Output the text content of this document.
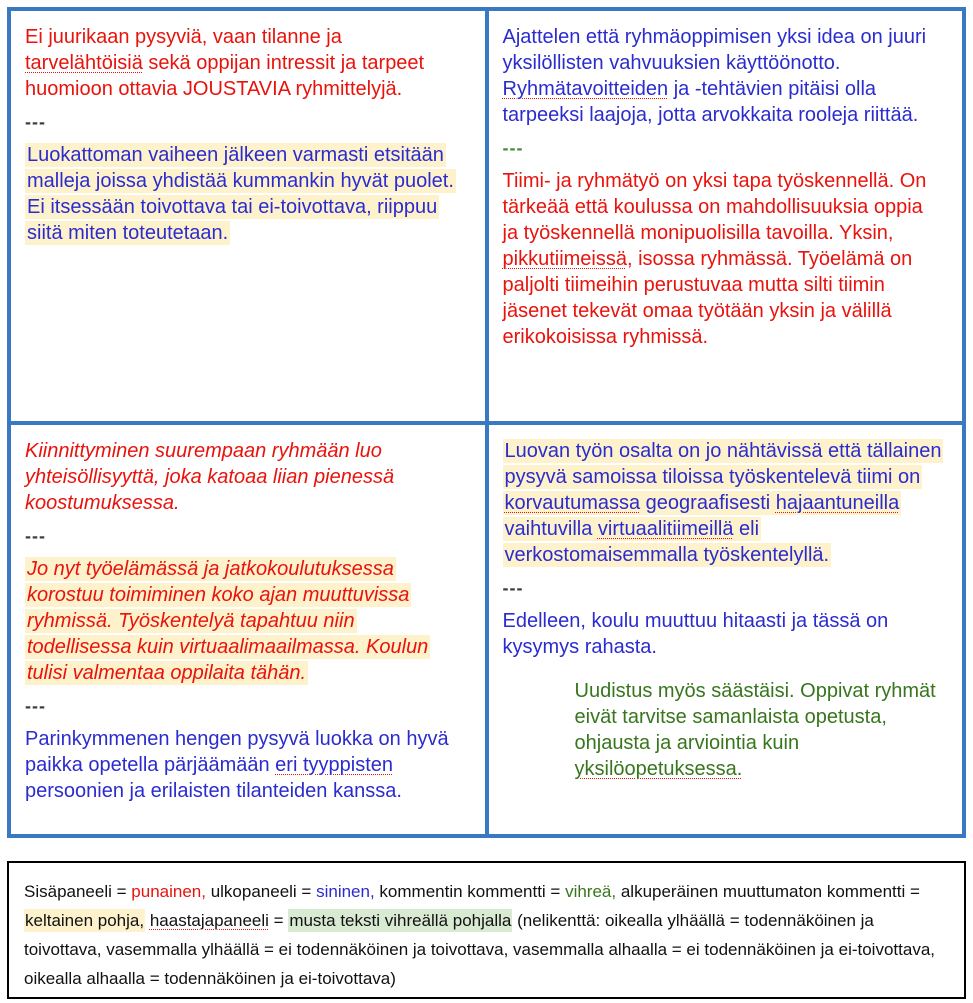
Ei juurikaan pysyviä, vaan tilanne ja tarvelähtöisiä sekä oppijan intressit ja tarpeet huomioon ottavia JOUSTAVIA ryhmittelyjä.

---

Luokattoman vaiheen jälkeen varmasti etsitään malleja joissa yhdistää kummankin hyvät puolet. Ei itsessään toivottava tai ei-toivottava, riippuu siitä miten toteutetaan.

Ajattelen että ryhmäoppimisen yksi idea on juuri yksilöllisten vahvuuksien käyttöönotto. Ryhmätavoitteiden ja -tehtävien pitäisi olla tarpeeksi laajoja, jotta arvokkaita rooleja riittää.

---

Tiimi- ja ryhmätyö on yksi tapa työskennellä. On tärkeää että koulussa on mahdollisuuksia oppia ja työskennellä monipuolisilla tavoilla. Yksin, pikkutiimeissä, isossa ryhmässä. Työelämä on paljolti tiimeihin perustuvaa mutta silti tiimin jäsenet tekevät omaa työtään yksin ja välillä erikokoisissa ryhmissä.

Kiinnittyminen suurempaan ryhmään luo yhteisöllisyyttä, joka katoaa liian pienessä koostumuksessa.

---

Jo nyt työelämässä ja jatkokoulutuksessa korostuu toimiminen koko ajan muuttuvissa ryhmissä. Työskentelyä tapahtuu niin todellisessa kuin virtuaalimaailmassa. Koulun tulisi valmentaa oppilaita tähän.

---

Parinkymmenen hengen pysyvä luokka on hyvä paikka opetella pärjäämään eri tyyppisten persoonien ja erilaisten tilanteiden kanssa.

Luovan työn osalta on jo nähtävissä että tällainen pysyvä samoissa tiloissa työskentelevä tiimi on korvautumassa geograafisesti hajaantuneilla vaihtuvilla virtuaalitiimeillä eli verkostomaisemmalla työskentelyllä.

---

Edelleen, koulu muuttuu hitaasti ja tässä on kysymys rahasta.

Uudistus myös säästäisi. Oppivat ryhmät eivät tarvitse samanlaista opetusta, ohjausta ja arviointia kuin yksilöopetuksessa.

Sisäpaneeli = punainen, ulkopaneeli = sininen, kommentin kommentti = vihreä, alkuperäinen muuttumaton kommentti = keltainen pohja, haastajapaneeli = musta teksti vihreällä pohjalla (nelikenttä: oikealla ylhäällä = todennäköinen ja toivottava, vasemmalla ylhäällä = ei todennäköinen ja toivottava, vasemmalla alhaalla = ei todennäköinen ja ei-toivottava, oikealla alhaalla = todennäköinen ja ei-toivottava)
